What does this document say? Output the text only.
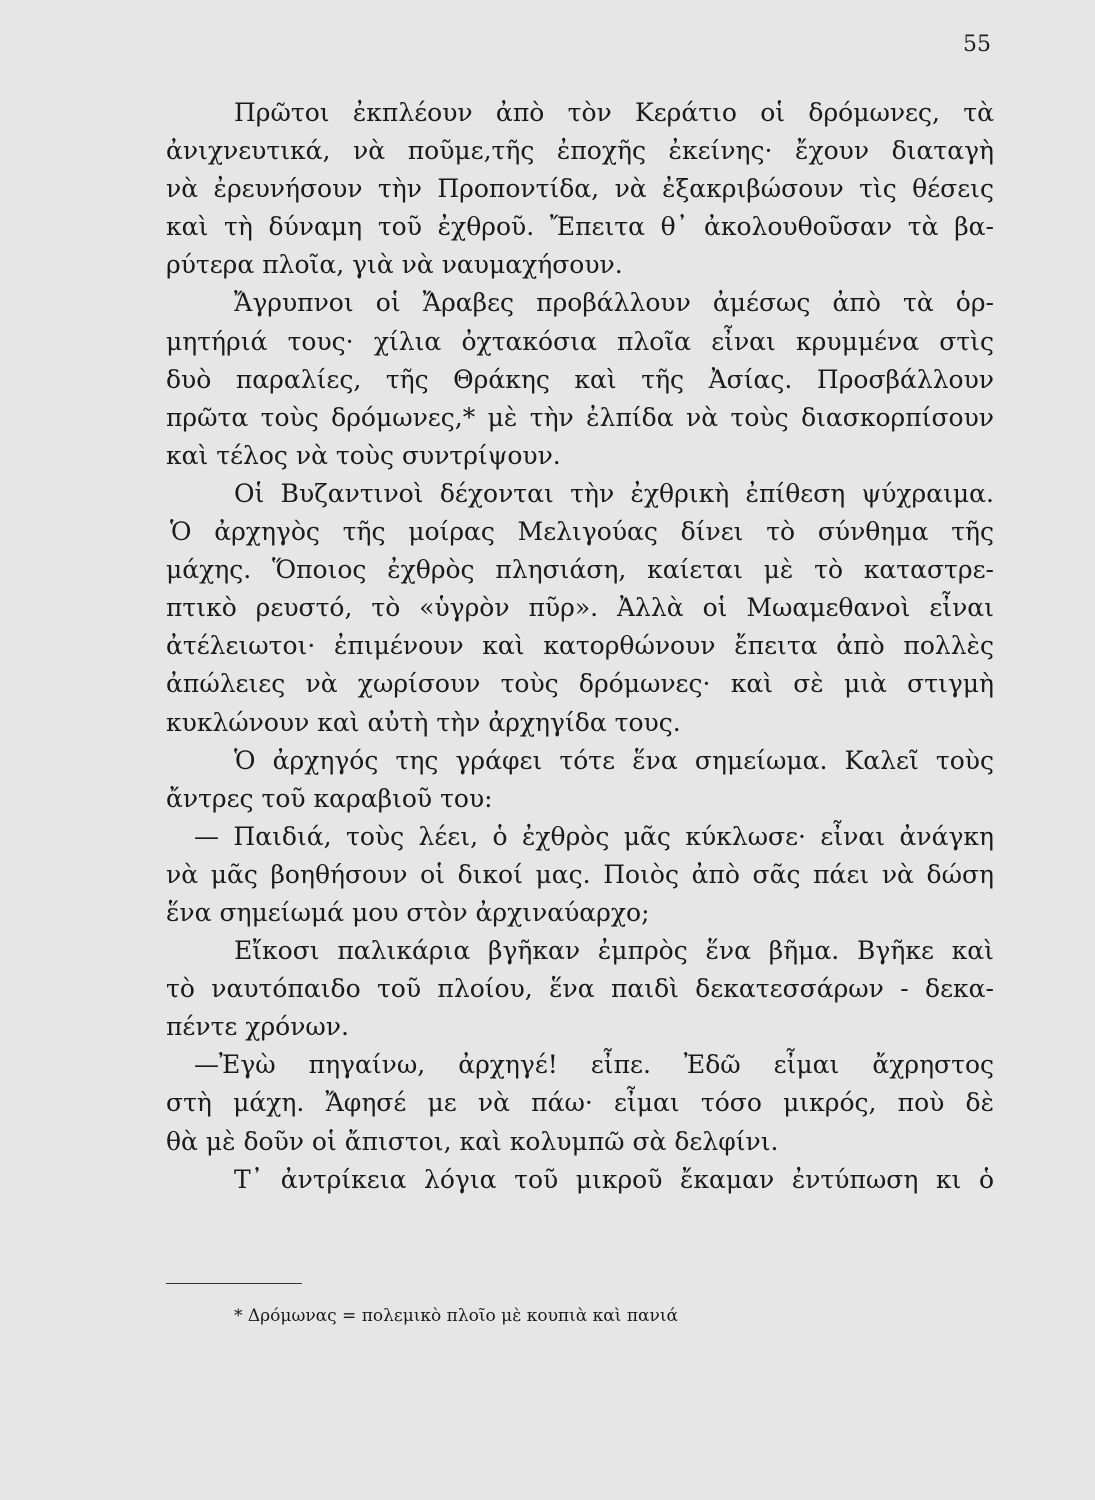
55
Πρῶτοι ἐκπλέουν ἀπὸ τὸν Κεράτιο οἱ δρόμωνες, τὰ
ἀνιχνευτικά, νὰ ποῦμε,τῆς ἐποχῆς ἐκείνης· ἔχουν διαταγὴ
νὰ ἐρευνήσουν τὴν Προποντίδα, νὰ ἐξακριβώσουν τὶς θέσεις
καὶ τὴ δύναμη τοῦ ἐχθροῦ. Ἔπειτα θ᾽ ἀκολουθοῦσαν τὰ βα-
ρύτερα πλοῖα, γιὰ νὰ ναυμαχήσουν.
Ἄγρυπνοι οἱ Ἄραβες προβάλλουν ἀμέσως ἀπὸ τὰ ὁρ-
μητήριά τους· χίλια ὀχτακόσια πλοῖα εἶναι κρυμμένα στὶς
δυὸ παραλίες, τῆς Θράκης καὶ τῆς Ἀσίας. Προσβάλλουν
πρῶτα τοὺς δρόμωνες,* μὲ τὴν ἐλπίδα νὰ τοὺς διασκορπίσουν
καὶ τέλος νὰ τοὺς συντρίψουν.
Οἱ Βυζαντινοὶ δέχονται τὴν ἐχθρικὴ ἐπίθεση ψύχραιμα.
Ὁ ἀρχηγὸς τῆς μοίρας Μελιγούας δίνει τὸ σύνθημα τῆς
μάχης. Ὅποιος ἐχθρὸς πλησιάση, καίεται μὲ τὸ καταστρε-
πτικὸ ρευστό, τὸ «ὑγρὸν πῦρ». Ἀλλὰ οἱ Μωαμεθανοὶ εἶναι
ἀτέλειωτοι· ἐπιμένουν καὶ κατορθώνουν ἔπειτα ἀπὸ πολλὲς
ἀπώλειες νὰ χωρίσουν τοὺς δρόμωνες· καὶ σὲ μιὰ στιγμὴ
κυκλώνουν καὶ αὐτὴ τὴν ἀρχηγίδα τους.
Ὁ ἀρχηγός της γράφει τότε ἕνα σημείωμα. Καλεῖ τοὺς
ἄντρες τοῦ καραβιοῦ του:
— Παιδιά, τοὺς λέει, ὁ ἐχθρὸς μᾶς κύκλωσε· εἶναι ἀνάγκη
νὰ μᾶς βοηθήσουν οἱ δικοί μας. Ποιὸς ἀπὸ σᾶς πάει νὰ δώση
ἕνα σημείωμά μου στὸν ἀρχιναύαρχο;
Εἴκοσι παλικάρια βγῆκαν ἐμπρὸς ἕνα βῆμα. Βγῆκε καὶ
τὸ ναυτόπαιδο τοῦ πλοίου, ἕνα παιδὶ δεκατεσσάρων - δεκα-
πέντε χρόνων.
—Ἐγὼ πηγαίνω, ἀρχηγέ! εἶπε. Ἐδῶ εἶμαι ἄχρηστος
στὴ μάχη. Ἄφησέ με νὰ πάω· εἶμαι τόσο μικρός, ποὺ δὲ
θὰ μὲ δοῦν οἱ ἄπιστοι, καὶ κολυμπῶ σὰ δελφίνι.
Τ᾽ ἀντρίκεια λόγια τοῦ μικροῦ ἔκαμαν ἐντύπωση κι ὁ
* Δρόμωνας = πολεμικὸ πλοῖο μὲ κουπιὰ καὶ πανιά
